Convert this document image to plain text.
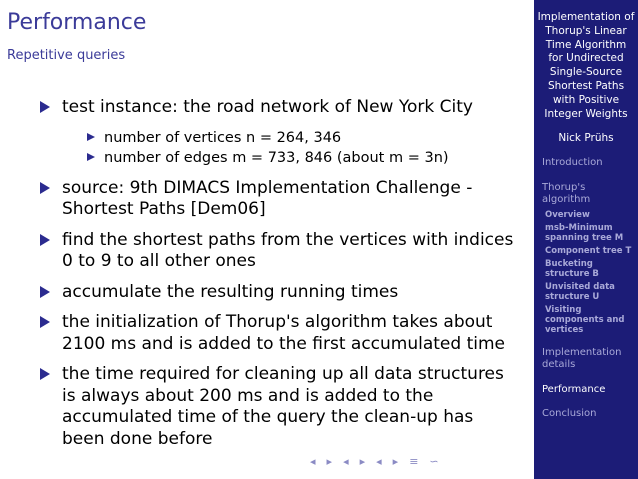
Performance
Repetitive queries
test instance: the road network of New York City
number of vertices n = 264, 346
number of edges m = 733, 846 (about m = 3n)
source: 9th DIMACS Implementation Challenge - Shortest Paths [Dem06]
find the shortest paths from the vertices with indices 0 to 9 to all other ones
accumulate the resulting running times
the initialization of Thorup's algorithm takes about 2100 ms and is added to the first accumulated time
the time required for cleaning up all data structures is always about 200 ms and is added to the accumulated time of the query the clean-up has been done before
◂ ▸ ◂ ▸ ◂ ▸ ≡ ∽
Implementation of Thorup's Linear Time Algorithm for Undirected Single-Source Shortest Paths with Positive Integer Weights
Nick Prühs
Introduction
Thorup's algorithm
Overview
msb-Minimum spanning tree M
Component tree T
Bucketing structure B
Unvisited data structure U
Visiting components and vertices
Implementation details
Performance
Conclusion
